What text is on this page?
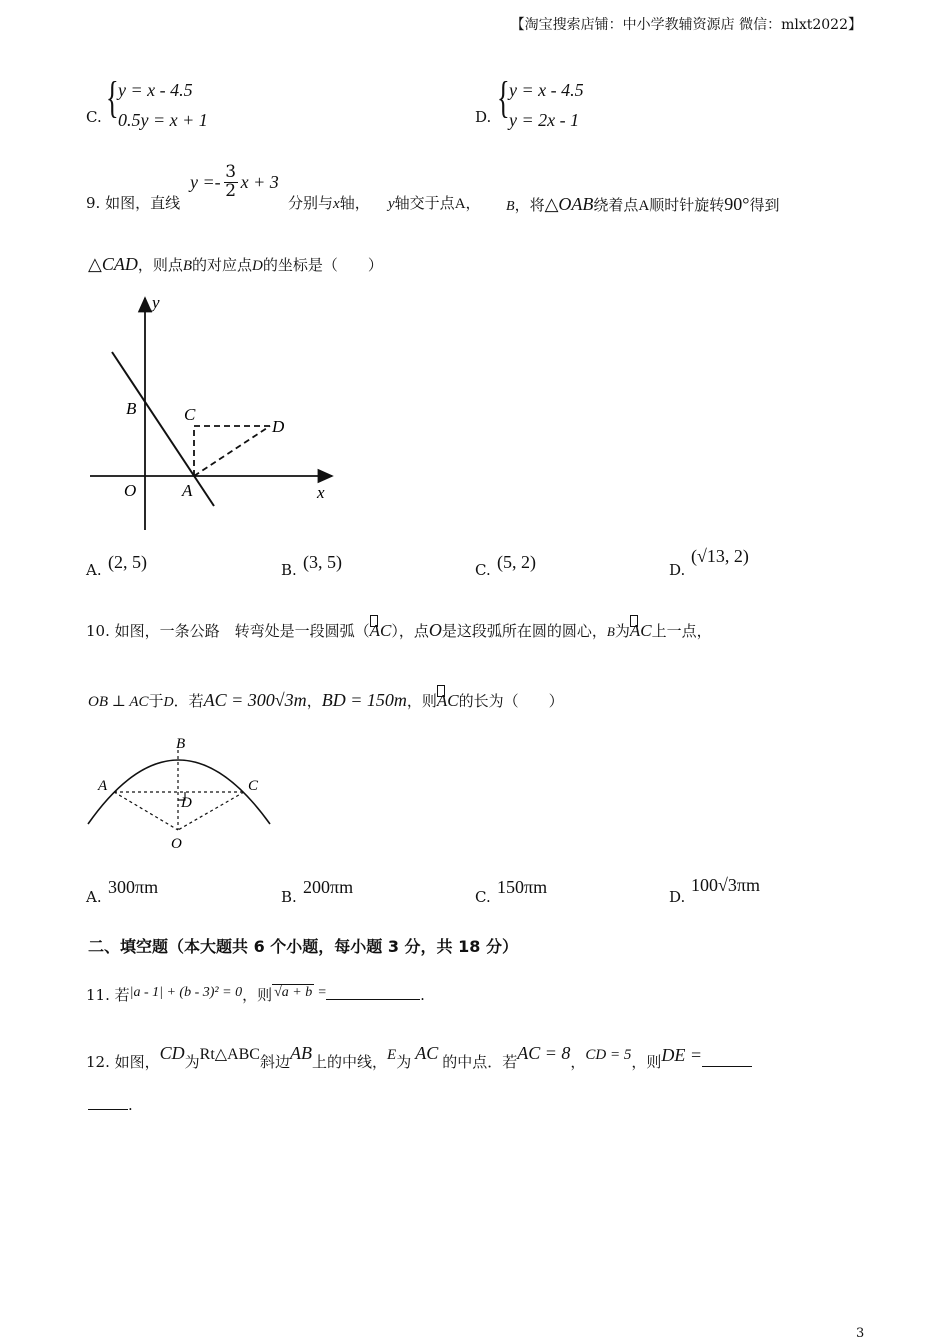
【淘宝搜索店铺：中小学教辅资源店 微信：mlxt2022】
C. { y = x - 4.5
0.5y = x + 1	D. { y = x - 4.5
y = 2x - 1
9. 如图，直线
$y =- \frac{3}{2}$ x + 3
分别与x轴， y轴交于点A， B，将△OAB绕着点A顺时针旋转90°得到
△CAD，则点B的对应点D的坐标是（　　）
y
x
B	C
D
O	A
A. (2, 5)	B. (3, 5)	C. (5, 2)	D.
(√13, 2)
10. 如图，一条公路　转弯处是一段圆弧（AC），点O是这段弧所在圆的圆心，B为AC上一点，
OB ⊥ AC于D．若AC = 300√3m，BD = 150m，则AC的长为（　　）
B
A	C
D
O
A. 300πm	B. 200πm	C. 150πm	D.
100√3πm
二、填空题（本大题共 6 个小题，每小题 3 分，共 18 分）
11. 若|a - 1| + (b - 3)² = 0，则 √a + b =	.
12. 如图，CD为Rt△ABC斜边AB上的中线，E为 AC 的中点．若AC = 8，CD = 5，则DE =
.
3
